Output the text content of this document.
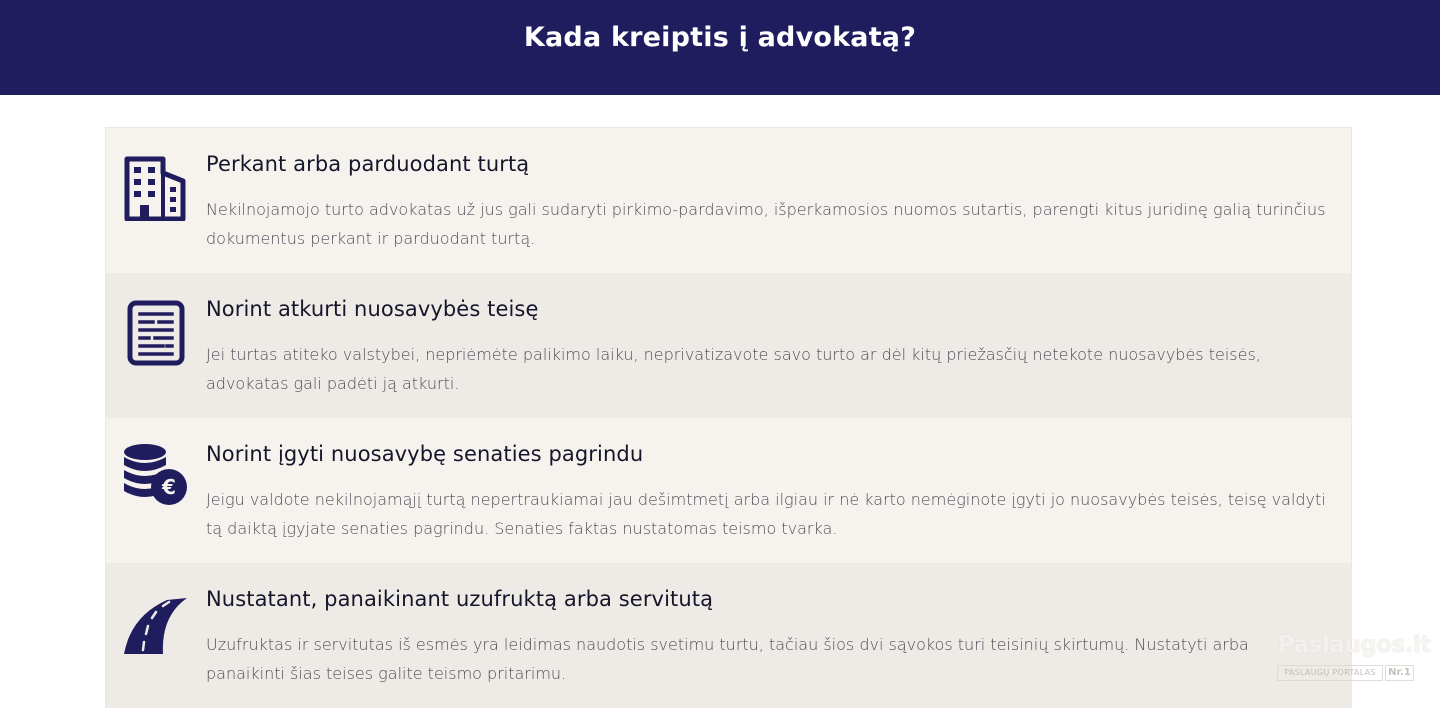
Kada kreiptis į advokatą?
Perkant arba parduodant turtą

Nekilnojamojo turto advokatas už jus gali sudaryti pirkimo-pardavimo, išperkamosios nuomos sutartis, parengti kitus juridinę galią turinčius dokumentus perkant ir parduodant turtą.

Norint atkurti nuosavybės teisę

Jei turtas atiteko valstybei, nepriėmėte palikimo laiku, neprivatizavote savo turto ar dėl kitų priežasčių netekote nuosavybės teisės, advokatas gali padėti ją atkurti.

€
Norint įgyti nuosavybę senaties pagrindu

Jeigu valdote nekilnojamąjį turtą nepertraukiamai jau dešimtmetį arba ilgiau ir nė karto nemėginote įgyti jo nuosavybės teisės, teisę valdyti tą daiktą įgyjate senaties pagrindu. Senaties faktas nustatomas teismo tvarka.

Nustatant, panaikinant uzufruktą arba servitutą

Uzufruktas ir servitutas iš esmės yra leidimas naudotis svetimu turtu, tačiau šios dvi sąvokos turi teisinių skirtumų. Nustatyti arba panaikinti šias teises galite teismo pritarimu.

Paslaugos.lt
PASLAUGŲ PORTALAS	Nr.1
